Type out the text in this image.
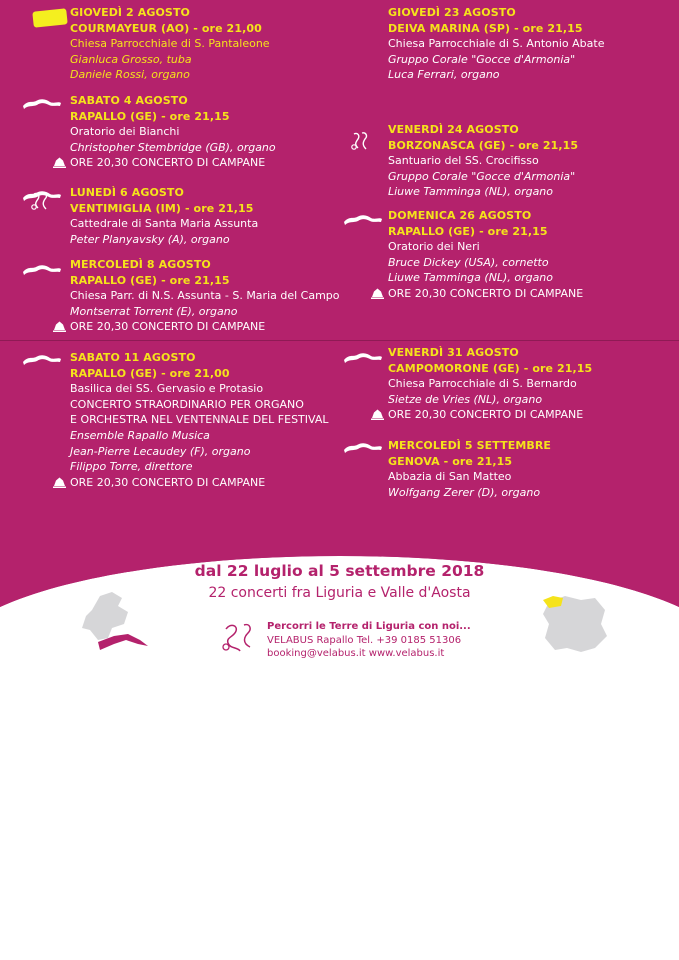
GIOVEDÌ 2 AGOSTO
COURMAYEUR (AO) - ore 21,00
Chiesa Parrocchiale di S. Pantaleone
Gianluca Grosso, tuba
Daniele Rossi, organo
SABATO 4 AGOSTO
RAPALLO (GE) - ore 21,15
Oratorio dei Bianchi
Christopher Stembridge (GB), organo
ORE 20,30 CONCERTO DI CAMPANE
LUNEDÌ 6 AGOSTO
VENTIMIGLIA (IM) - ore 21,15
Cattedrale di Santa Maria Assunta
Peter Planyavsky (A), organo
MERCOLEDÌ 8 AGOSTO
RAPALLO (GE) - ore 21,15
Chiesa Parr. di N.S. Assunta - S. Maria del Campo
Montserrat Torrent (E), organo
ORE 20,30 CONCERTO DI CAMPANE
SABATO 11 AGOSTO
RAPALLO (GE) - ore 21,00
Basilica dei SS. Gervasio e Protasio
CONCERTO STRAORDINARIO PER ORGANO
E ORCHESTRA NEL VENTENNALE DEL FESTIVAL
Ensemble Rapallo Musica
Jean-Pierre Lecaudey (F), organo
Filippo Torre, direttore
ORE 20,30 CONCERTO DI CAMPANE
GIOVEDÌ 23 AGOSTO
DEIVA MARINA (SP) - ore 21,15
Chiesa Parrocchiale di S. Antonio Abate
Gruppo Corale "Gocce d'Armonia"
Luca Ferrari, organo
VENERDÌ 24 AGOSTO
BORZONASCA (GE) - ore 21,15
Santuario del SS. Crocifisso
Gruppo Corale "Gocce d'Armonia"
Liuwe Tamminga (NL), organo
DOMENICA 26 AGOSTO
RAPALLO (GE) - ore 21,15
Oratorio dei Neri
Bruce Dickey (USA), cornetto
Liuwe Tamminga (NL), organo
ORE 20,30 CONCERTO DI CAMPANE
VENERDÌ 31 AGOSTO
CAMPOMORONE (GE) - ore 21,15
Chiesa Parrocchiale di S. Bernardo
Sietze de Vries (NL), organo
ORE 20,30 CONCERTO DI CAMPANE
MERCOLEDÌ 5 SETTEMBRE
GENOVA - ore 21,15
Abbazia di San Matteo
Wolfgang Zerer (D), organo
dal 22 luglio al 5 settembre 2018
22 concerti fra Liguria e Valle d'Aosta
Percorri le Terre di Liguria con noi...
VELABUS Rapallo Tel. +39 0185 51306
booking@velabus.it www.velabus.it
